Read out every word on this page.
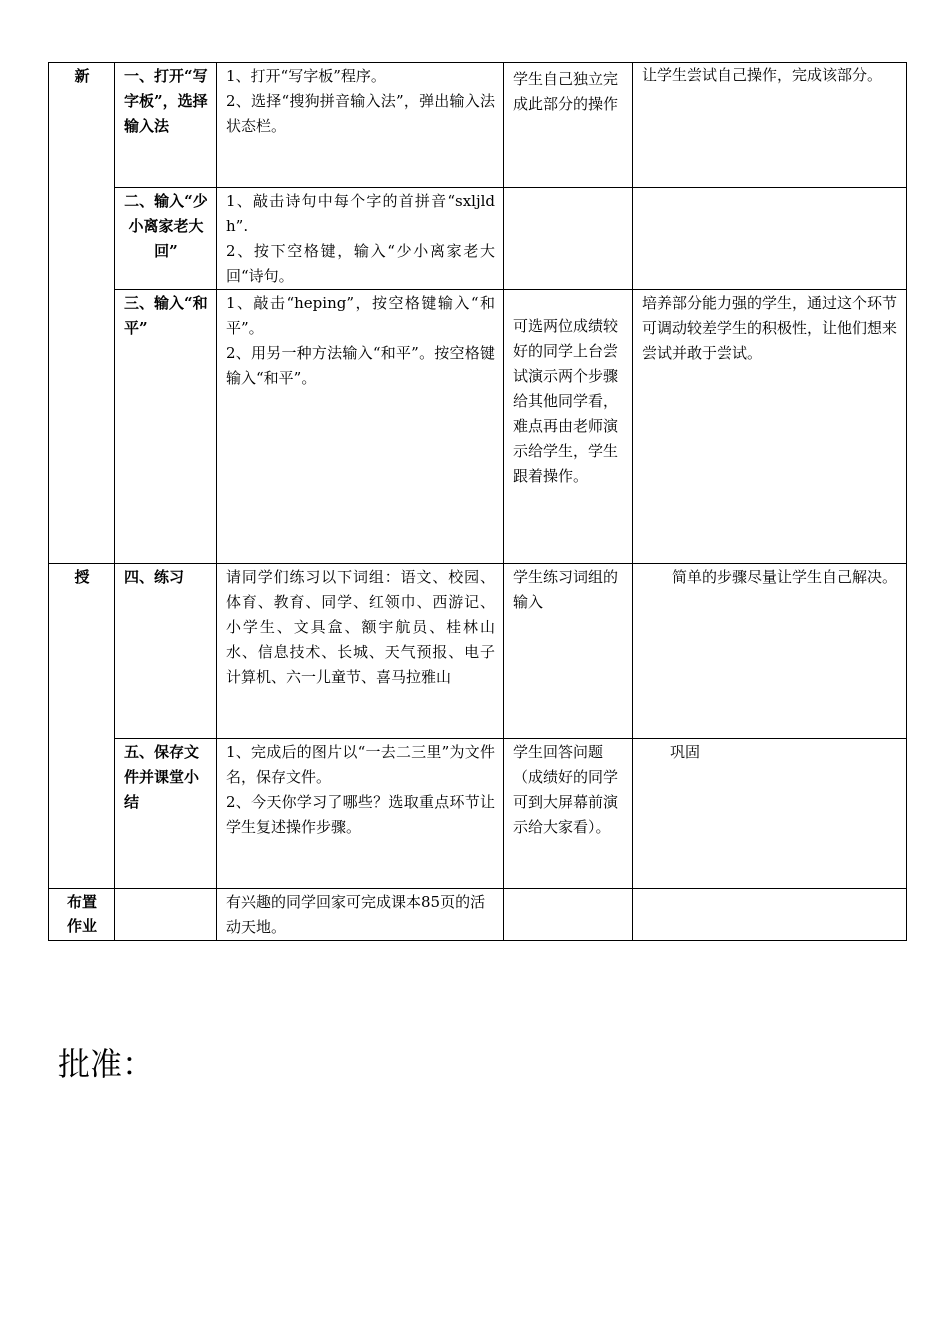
新	一、打开“写字板”，选择输入法	1、打开“写字板”程序。
2、选择“搜狗拼音输入法”，弹出输入法状态栏。	学生自己独立完成此部分的操作	让学生尝试自己操作，完成该部分。
	二、输入“少小离家老大回”	1、敲击诗句中每个字的首拼音“sxljldh”.
2、按下空格键，输入“少小离家老大回“诗句。		

	三、输入“和平”	1、敲击“heping”，按空格键输入“和平”。
2、用另一种方法输入“和平”。按空格键输入“和平”。	可选两位成绩较好的同学上台尝试演示两个步骤给其他同学看，难点再由老师演示给学生，学生跟着操作。	培养部分能力强的学生，通过这个环节可调动较差学生的积极性，让他们想来尝试并敢于尝试。
授	四、练习	请同学们练习以下词组：语文、校园、体育、教育、同学、红领巾、西游记、小学生、文具盒、额宇航员、桂林山水、信息技术、长城、天气预报、电子计算机、六一儿童节、喜马拉雅山	学生练习词组的输入	简单的步骤尽量让学生自己解决。
	五、保存文件并课堂小结	1、完成后的图片以“一去二三里”为文件名，保存文件。
2、今天你学习了哪些？选取重点环节让学生复述操作步骤。	学生回答问题（成绩好的同学可到大屏幕前演示给大家看）。	巩固
布置
作业		有兴趣的同学回家可完成课本85页的活动天地。		
批准：
